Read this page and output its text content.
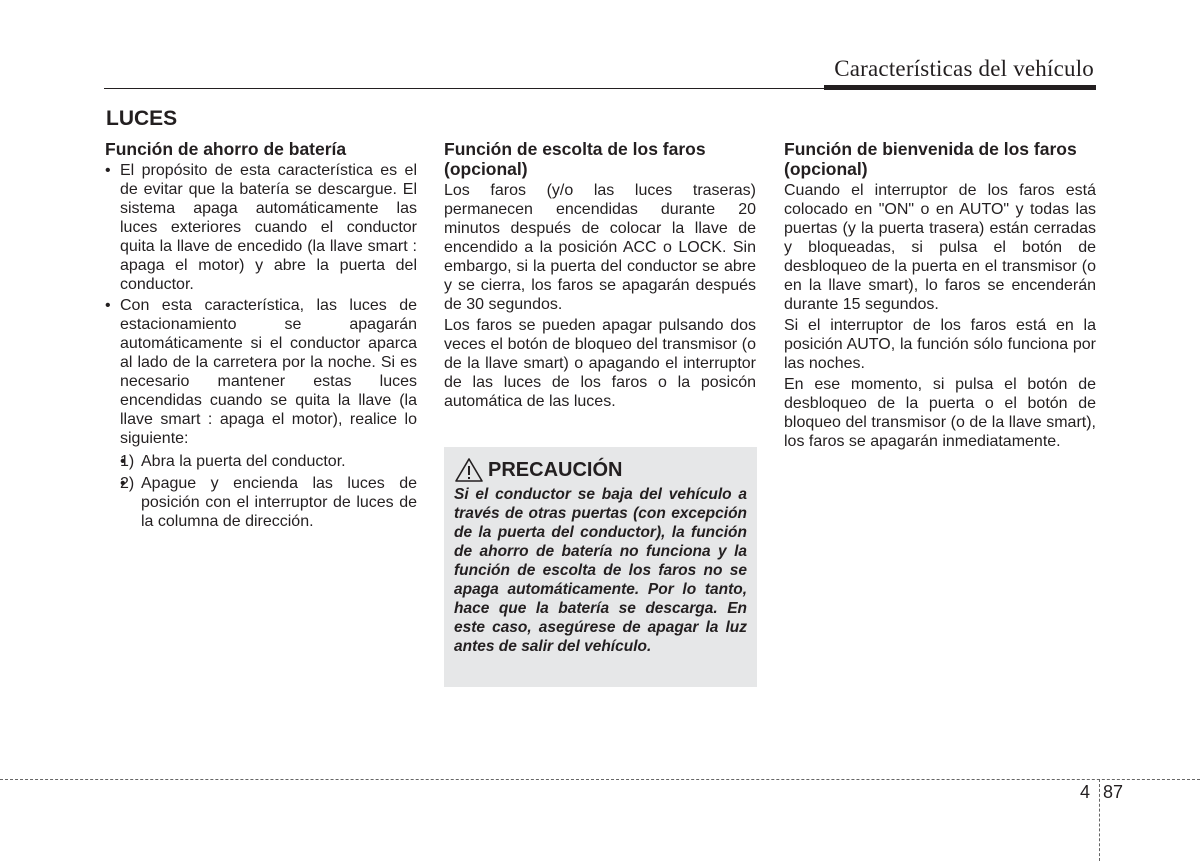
Características del vehículo
LUCES
Función de ahorro de batería
• El propósito de esta característica es el de evitar que la batería se descargue. El sistema apaga automáticamente las luces exteriores cuando el conductor quita la llave de encedido (la llave smart : apaga el motor) y abre la puerta del conductor.
• Con esta característica, las luces de estacionamiento se apagarán automáticamente si el conductor aparca al lado de la carretera por la noche. Si es necesario mantener estas luces encendidas cuando se quita la llave (la llave smart : apaga el motor), realice lo siguiente:
• 1) Abra la puerta del conductor.
• 2) Apague y encienda las luces de posición con el interruptor de luces de la columna de dirección.
Función de escolta de los faros (opcional)

Los faros (y/o las luces traseras) permanecen encendidas durante 20 minutos después de colocar la llave de encendido a la posición ACC o LOCK. Sin embargo, si la puerta del conductor se abre y se cierra, los faros se apagarán después de 30 segundos.

Los faros se pueden apagar pulsando dos veces el botón de bloqueo del transmisor (o de la llave smart) o apagando el interruptor de las luces de los faros o la posicón automática de las luces.

PRECAUCIÓN
Si el conductor se baja del vehículo a través de otras puertas (con excepción de la puerta del conductor), la función de ahorro de batería no funciona y la función de escolta de los faros no se apaga automáticamente. Por lo tanto, hace que la batería se descarga. En este caso, asegúrese de apagar la luz antes de salir del vehículo.
Función de bienvenida de los faros (opcional)

Cuando el interruptor de los faros está colocado en "ON" o en AUTO" y todas las puertas (y la puerta trasera) están cerradas y bloqueadas, si pulsa el botón de desbloqueo de la puerta en el transmisor (o en la llave smart), lo faros se encenderán durante 15 segundos.

Si el interruptor de los faros está en la posición AUTO, la función sólo funciona por las noches.

En ese momento, si pulsa el botón de desbloqueo de la puerta o el botón de bloqueo del transmisor (o de la llave smart), los faros se apagarán inmediatamente.

4 87
